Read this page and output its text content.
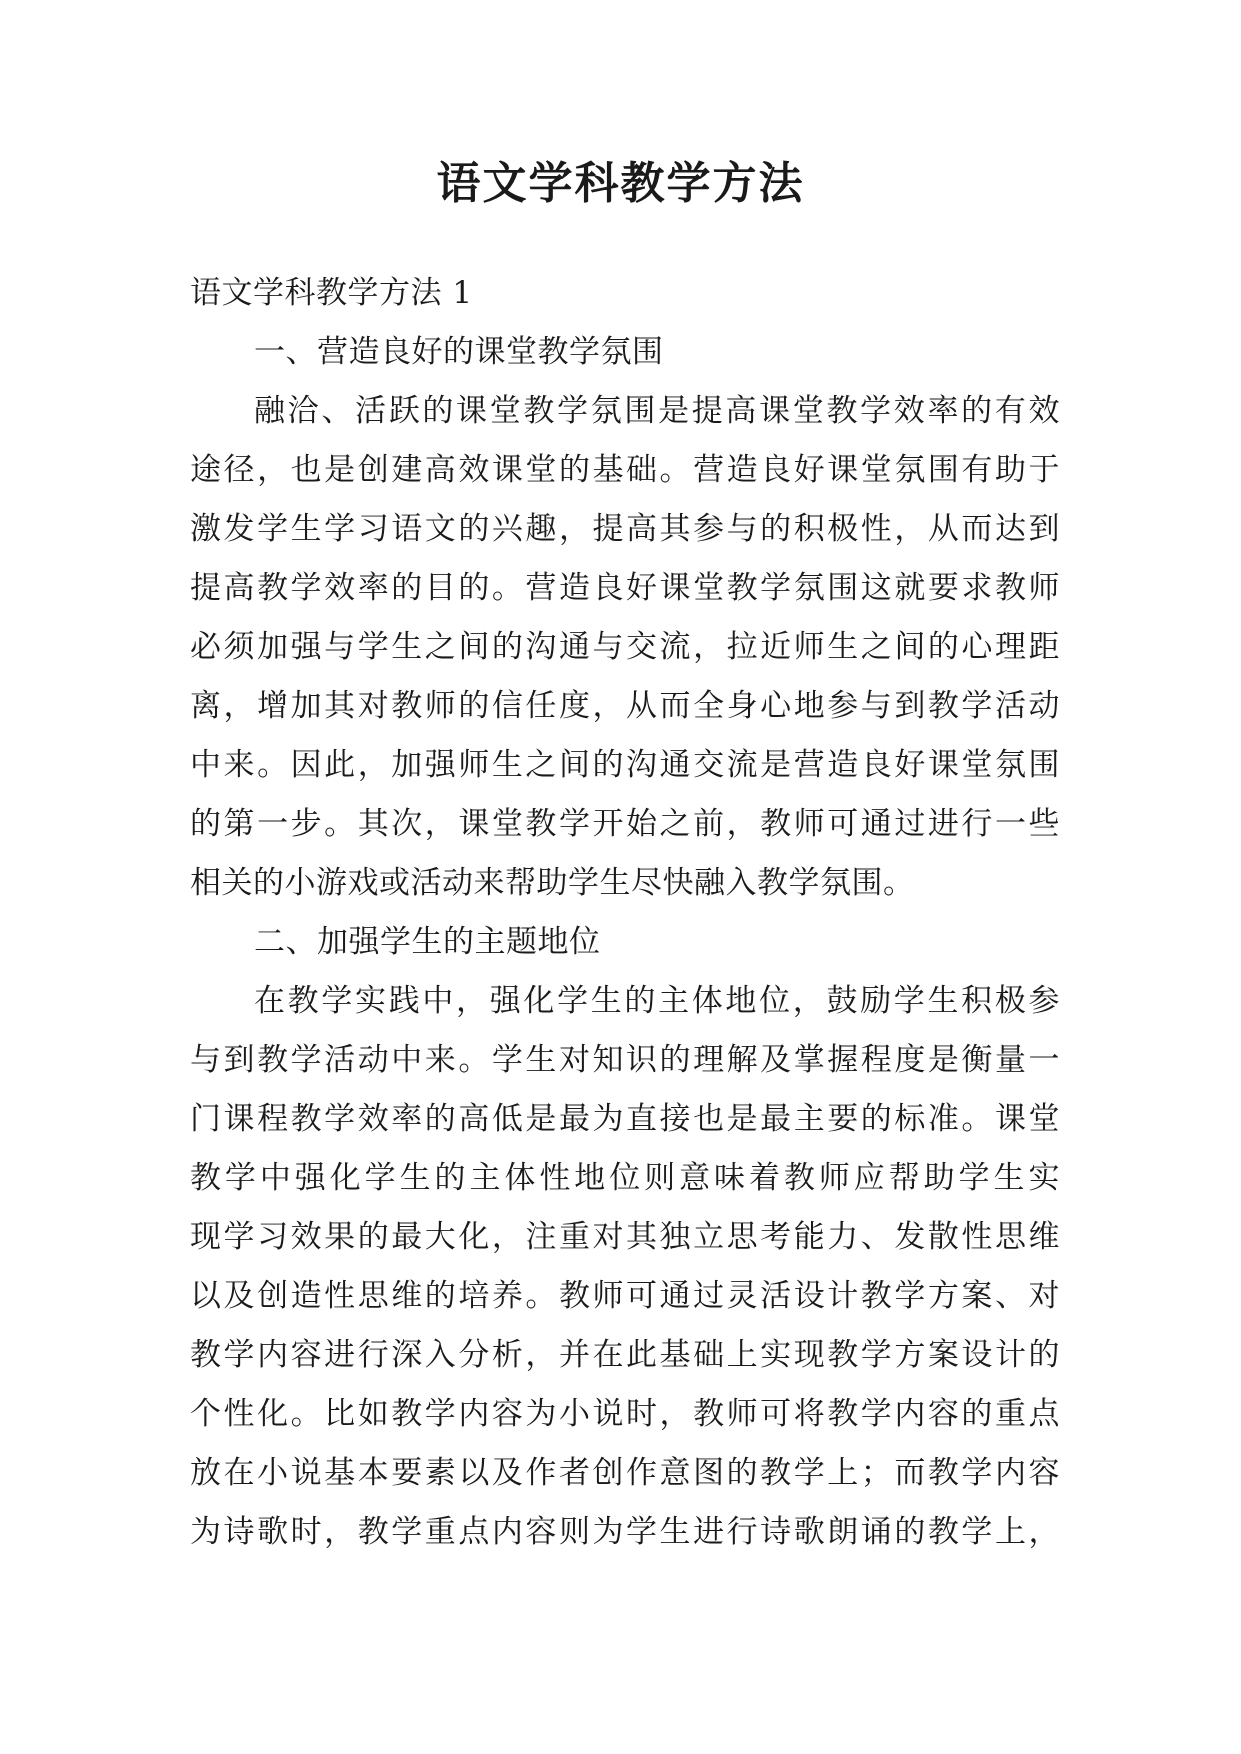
语文学科教学方法

语文学科教学方法 1

一、营造良好的课堂教学氛围

融洽、活跃的课堂教学氛围是提高课堂教学效率的有效

途径，也是创建高效课堂的基础。营造良好课堂氛围有助于

激发学生学习语文的兴趣，提高其参与的积极性，从而达到

提高教学效率的目的。营造良好课堂教学氛围这就要求教师

必须加强与学生之间的沟通与交流，拉近师生之间的心理距

离，增加其对教师的信任度，从而全身心地参与到教学活动

中来。因此，加强师生之间的沟通交流是营造良好课堂氛围

的第一步。其次，课堂教学开始之前，教师可通过进行一些

相关的小游戏或活动来帮助学生尽快融入教学氛围。

二、加强学生的主题地位

在教学实践中，强化学生的主体地位，鼓励学生积极参

与到教学活动中来。学生对知识的理解及掌握程度是衡量一

门课程教学效率的高低是最为直接也是最主要的标准。课堂

教学中强化学生的主体性地位则意味着教师应帮助学生实

现学习效果的最大化，注重对其独立思考能力、发散性思维

以及创造性思维的培养。教师可通过灵活设计教学方案、对

教学内容进行深入分析，并在此基础上实现教学方案设计的

个性化。比如教学内容为小说时，教师可将教学内容的重点

放在小说基本要素以及作者创作意图的教学上；而教学内容

为诗歌时，教学重点内容则为学生进行诗歌朗诵的教学上，
